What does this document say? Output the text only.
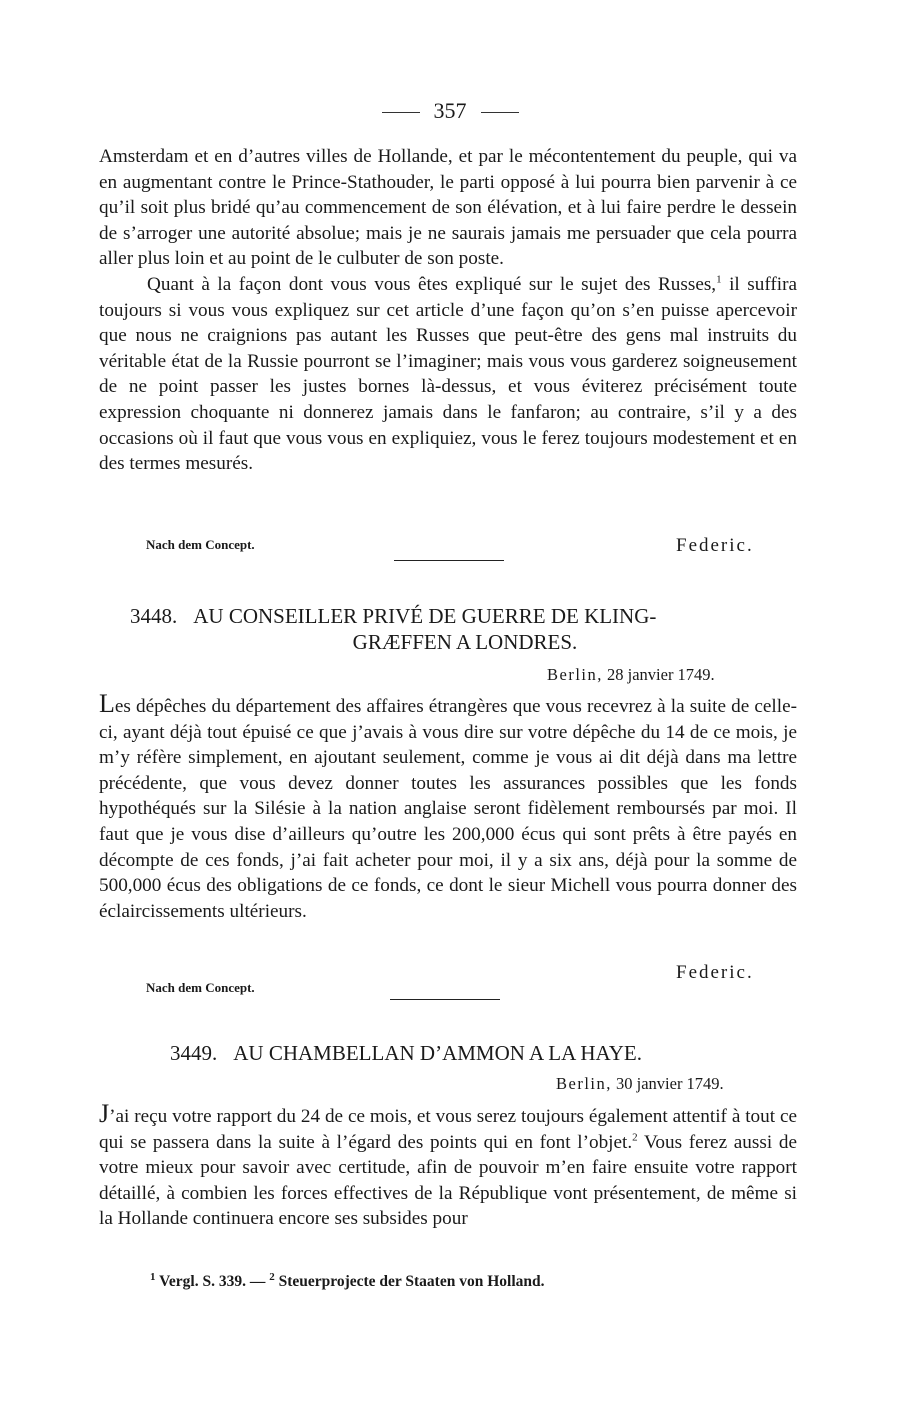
357

Amsterdam et en d’autres villes de Hollande, et par le mécontentement du peuple, qui va en augmentant contre le Prince-Stathouder, le parti opposé à lui pourra bien parvenir à ce qu’il soit plus bridé qu’au commencement de son élévation, et à lui faire perdre le dessein de s’arroger une autorité absolue; mais je ne saurais jamais me persuader que cela pourra aller plus loin et au point de le culbuter de son poste.

Quant à la façon dont vous vous êtes expliqué sur le sujet des Russes,$^1$ il suffira toujours si vous vous expliquez sur cet article d’une façon qu’on s’en puisse apercevoir que nous ne craignions pas autant les Russes que peut-être des gens mal instruits du véritable état de la Russie pourront se l’imaginer; mais vous vous garderez soigneusement de ne point passer les justes bornes là-dessus, et vous éviterez précisément toute expression choquante ni donnerez jamais dans le fanfaron; au contraire, s’il y a des occasions où il faut que vous vous en expliquiez, vous le ferez toujours modestement et en des termes mesurés.

Nach dem Concept.	Federic.
3448. AU CONSEILLER PRIVÉ DE GUERRE DE KLING-
GRÆFFEN A LONDRES.
Berlin, 28 janvier 1749.

Les dépêches du département des affaires étrangères que vous recevrez à la suite de celle-ci, ayant déjà tout épuisé ce que j’avais à vous dire sur votre dépêche du 14 de ce mois, je m’y réfère simplement, en ajoutant seulement, comme je vous ai dit déjà dans ma lettre précédente, que vous devez donner toutes les assurances possibles que les fonds hypothéqués sur la Silésie à la nation anglaise seront fidèlement remboursés par moi. Il faut que je vous dise d’ailleurs qu’outre les 200,000 écus qui sont prêts à être payés en décompte de ces fonds, j’ai fait acheter pour moi, il y a six ans, déjà pour la somme de 500,000 écus des obligations de ce fonds, ce dont le sieur Michell vous pourra donner des éclaircissements ultérieurs.

Federic.
Nach dem Concept.
3449. AU CHAMBELLAN D’AMMON A LA HAYE.
Berlin, 30 janvier 1749.

J’ai reçu votre rapport du 24 de ce mois, et vous serez toujours également attentif à tout ce qui se passera dans la suite à l’égard des points qui en font l’objet.$^2$ Vous ferez aussi de votre mieux pour savoir avec certitude, afin de pouvoir m’en faire ensuite votre rapport détaillé, à combien les forces effectives de la République vont présentement, de même si la Hollande continuera encore ses subsides pour

$^1$ Vergl. S. 339. — $^2$ Steuerprojecte der Staaten von Holland.
